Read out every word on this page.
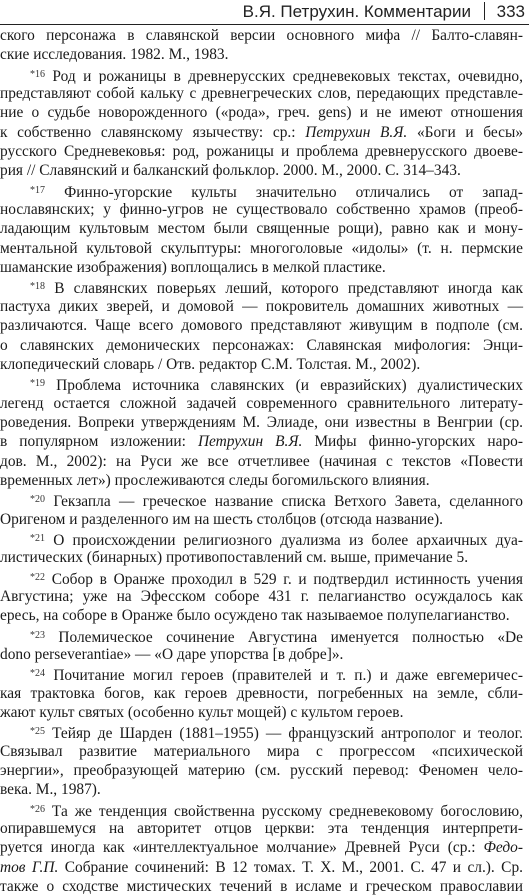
В.Я. Петрухин. Комментарии 333
ского персонажа в славянской версии основного мифа // Балто-славян-
ские исследования. 1982. М., 1983.
* $^{16}$ Род и рожаницы в древнерусских средневековых текстах, очевидно,
представляют собой кальку с древнегреческих слов, передающих представле-
ние о судьбе новорожденного («рода», греч. gens) и не имеют отношения
к собственно славянскому язычеству: ср.: Петрухин В.Я. «Боги и бесы»
русского Средневековья: род, рожаницы и проблема древнерусского двоеве-
рия // Славянский и балканский фольклор. 2000. М., 2000. С. 314–343.
* $^{17}$ Финно-угорские культы значительно отличались от запад-
нославянских; у финно-угров не существовало собственно храмов (преоб-
ладающим культовым местом были священные рощи), равно как и мону-
ментальной культовой скульптуры: многоголовые «идолы» (т. н. пермские
шаманские изображения) воплощались в мелкой пластике.
* $^{18}$ В славянских поверьях леший, которого представляют иногда как
пастуха диких зверей, и домовой — покровитель домашних животных —
различаются. Чаще всего домового представляют живущим в подполе (см.
о славянских демонических персонажах: Славянская мифология: Энци-
клопедический словарь / Отв. редактор С.М. Толстая. М., 2002).
* $^{19}$ Проблема источника славянских (и евразийских) дуалистических
легенд остается сложной задачей современного сравнительного литерату-
роведения. Вопреки утверждениям М. Элиаде, они известны в Венгрии (ср.
в популярном изложении: Петрухин В.Я. Мифы финно-угорских наро-
дов. М., 2002): на Руси же все отчетливее (начиная с текстов «Повести
временных лет») прослеживаются следы богомильского влияния.
* $^{20}$ Гекзапла — греческое название списка Ветхого Завета, сделанного
Оригеном и разделенного им на шесть столбцов (отсюда название).
* $^{21}$ О происхождении религиозного дуализма из более архаичных дуа-
листических (бинарных) противопоставлений см. выше, примечание 5.
* $^{22}$ Собор в Оранже проходил в 529 г. и подтвердил истинность учения
Августина; уже на Эфесском соборе 431 г. пелагианство осуждалось как
ересь, на соборе в Оранже было осуждено так называемое полупелагианство.
* $^{23}$ Полемическое сочинение Августина именуется полностью «De
dono perseverantiae» — «О даре упорства [в добре]».
* $^{24}$ Почитание могил героев (правителей и т. п.) и даже евгемеричес-
кая трактовка богов, как героев древности, погребенных на земле, сбли-
жают культ святых (особенно культ мощей) с культом героев.
* $^{25}$ Тейяр де Шарден (1881–1955) — французский антрополог и теолог.
Связывал развитие материального мира с прогрессом «психической
энергии», преобразующей материю (см. русский перевод: Феномен чело-
века. М., 1987).
* $^{26}$ Та же тенденция свойственна русскому средневековому богословию,
опиравшемуся на авторитет отцов церкви: эта тенденция интерпрети-
руется иногда как «интеллектуальное молчание» Древней Руси (ср.: Федо-
тов Г.П. Собрание сочинений: В 12 томах. Т. Х. М., 2001. С. 47 и сл.). Ср.
также о сходстве мистических течений в исламе и греческом православии
